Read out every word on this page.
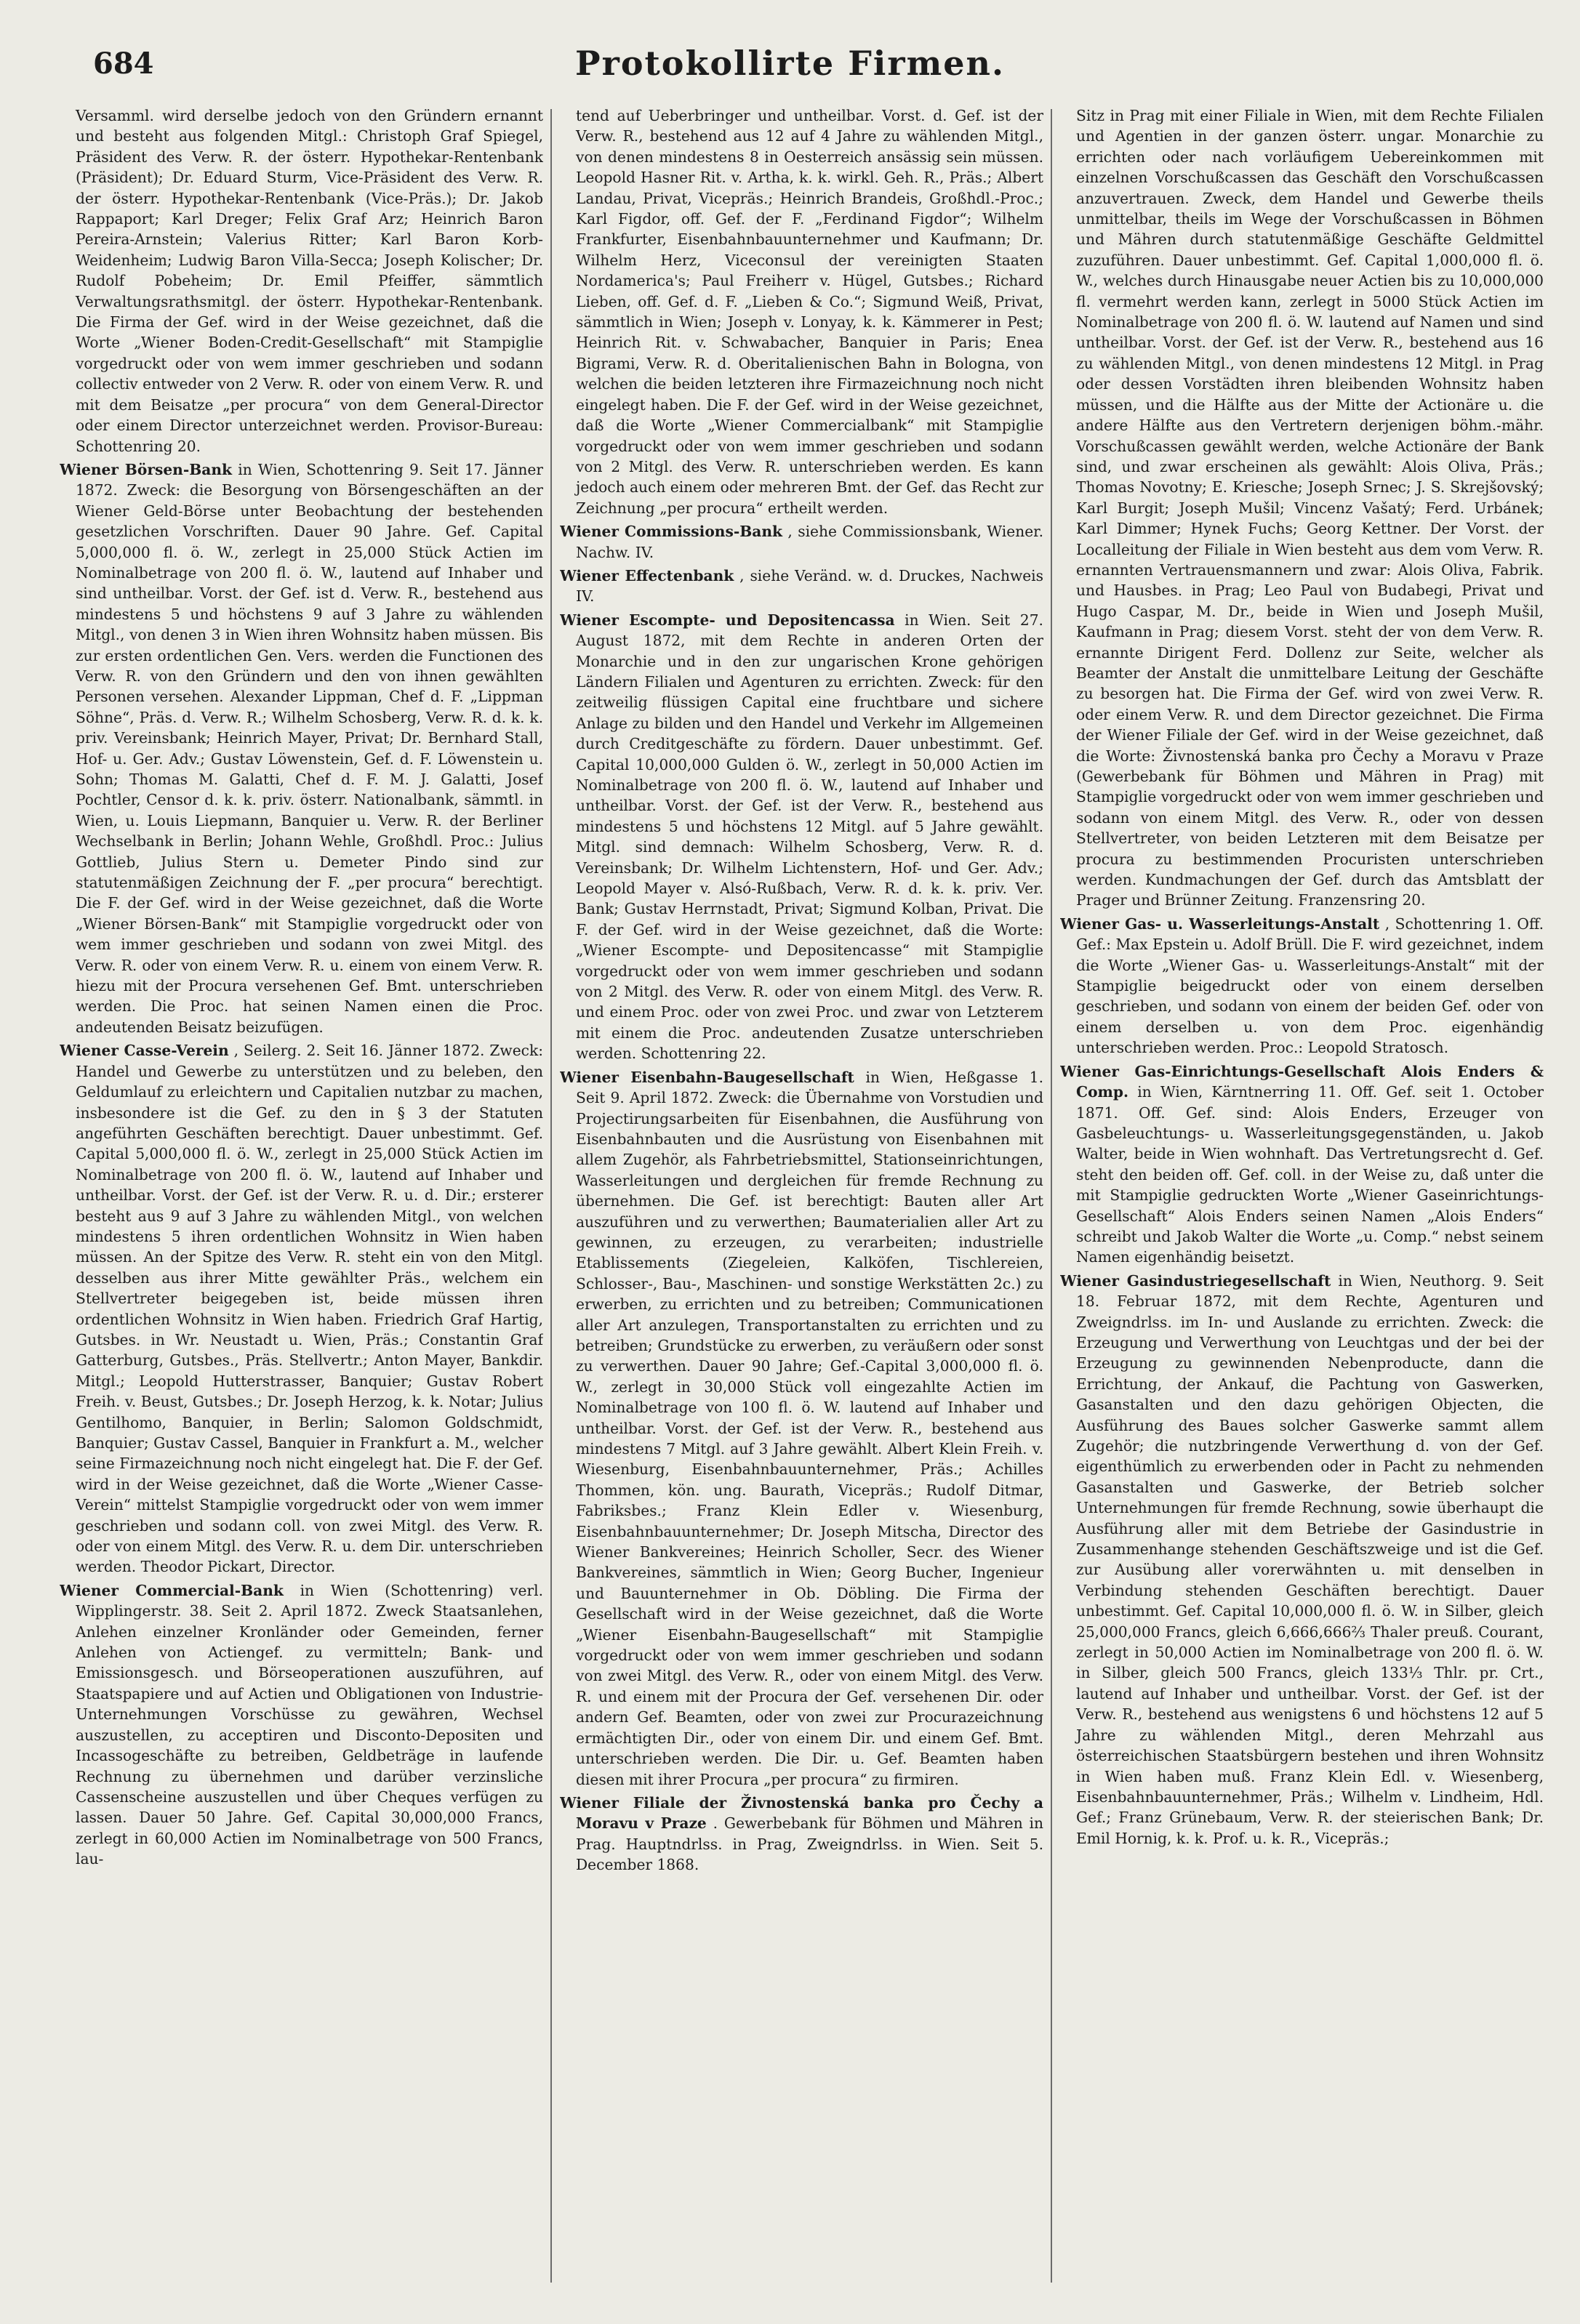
684	Protokollirte Firmen.

Versamml. wird derselbe jedoch von den Gründern ernannt und besteht aus folgenden Mitgl.: Christoph Graf Spiegel, Präsident des Verw. R. der österr. Hypothekar-Rentenbank (Präsident); Dr. Eduard Sturm, Vice-Präsident des Verw. R. der österr. Hypothekar-Rentenbank (Vice-Präs.); Dr. Jakob Rappaport; Karl Dreger; Felix Graf Arz; Heinrich Baron Pereira-Arnstein; Valerius Ritter; Karl Baron Korb-Weidenheim; Ludwig Baron Villa-Secca; Joseph Kolischer; Dr. Rudolf Pobeheim; Dr. Emil Pfeiffer, sämmtlich Verwaltungsrathsmitgl. der österr. Hypothekar-Rentenbank. Die Firma der Gef. wird in der Weise gezeichnet, daß die Worte „Wiener Boden-Credit-Gesellschaft“ mit Stampiglie vorgedruckt oder von wem immer geschrieben und sodann collectiv entweder von 2 Verw. R. oder von einem Verw. R. und mit dem Beisatze „per procura“ von dem General-Director oder einem Director unterzeichnet werden. Provisor-Bureau: Schottenring 20.

Wiener Börsen-Bank in Wien, Schottenring 9. Seit 17. Jänner 1872. Zweck: die Besorgung von Börsengeschäften an der Wiener Geld-Börse unter Beobachtung der bestehenden gesetzlichen Vorschriften. Dauer 90 Jahre. Gef. Capital 5,000,000 fl. ö. W., zerlegt in 25,000 Stück Actien im Nominalbetrage von 200 fl. ö. W., lautend auf Inhaber und sind untheilbar. Vorst. der Gef. ist d. Verw. R., bestehend aus mindestens 5 und höchstens 9 auf 3 Jahre zu wählenden Mitgl., von denen 3 in Wien ihren Wohnsitz haben müssen. Bis zur ersten ordentlichen Gen. Vers. werden die Functionen des Verw. R. von den Gründern und den von ihnen gewählten Personen versehen. Alexander Lippman, Chef d. F. „Lippman Söhne“, Präs. d. Verw. R.; Wilhelm Schosberg, Verw. R. d. k. k. priv. Vereinsbank; Heinrich Mayer, Privat; Dr. Bernhard Stall, Hof- u. Ger. Adv.; Gustav Löwenstein, Gef. d. F. Löwenstein u. Sohn; Thomas M. Galatti, Chef d. F. M. J. Galatti, Josef Pochtler, Censor d. k. k. priv. österr. Nationalbank, sämmtl. in Wien, u. Louis Liepmann, Banquier u. Verw. R. der Berliner Wechselbank in Berlin; Johann Wehle, Großhdl. Proc.: Julius Gottlieb, Julius Stern u. Demeter Pindo sind zur statutenmäßigen Zeichnung der F. „per procura“ berechtigt. Die F. der Gef. wird in der Weise gezeichnet, daß die Worte „Wiener Börsen-Bank“ mit Stampiglie vorgedruckt oder von wem immer geschrieben und sodann von zwei Mitgl. des Verw. R. oder von einem Verw. R. u. einem von einem Verw. R. hiezu mit der Procura versehenen Gef. Bmt. unterschrieben werden. Die Proc. hat seinen Namen einen die Proc. andeutenden Beisatz beizufügen.

Wiener Casse-Verein , Seilerg. 2. Seit 16. Jänner 1872. Zweck: Handel und Gewerbe zu unterstützen und zu beleben, den Geldumlauf zu erleichtern und Capitalien nutzbar zu machen, insbesondere ist die Gef. zu den in § 3 der Statuten angeführten Geschäften berechtigt. Dauer unbestimmt. Gef. Capital 5,000,000 fl. ö. W., zerlegt in 25,000 Stück Actien im Nominalbetrage von 200 fl. ö. W., lautend auf Inhaber und untheilbar. Vorst. der Gef. ist der Verw. R. u. d. Dir.; ersterer besteht aus 9 auf 3 Jahre zu wählenden Mitgl., von welchen mindestens 5 ihren ordentlichen Wohnsitz in Wien haben müssen. An der Spitze des Verw. R. steht ein von den Mitgl. desselben aus ihrer Mitte gewählter Präs., welchem ein Stellvertreter beigegeben ist, beide müssen ihren ordentlichen Wohnsitz in Wien haben. Friedrich Graf Hartig, Gutsbes. in Wr. Neustadt u. Wien, Präs.; Constantin Graf Gatterburg, Gutsbes., Präs. Stellvertr.; Anton Mayer, Bankdir. Mitgl.; Leopold Hutterstrasser, Banquier; Gustav Robert Freih. v. Beust, Gutsbes.; Dr. Joseph Herzog, k. k. Notar; Julius Gentilhomo, Banquier, in Berlin; Salomon Goldschmidt, Banquier; Gustav Cassel, Banquier in Frankfurt a. M., welcher seine Firmazeichnung noch nicht eingelegt hat. Die F. der Gef. wird in der Weise gezeichnet, daß die Worte „Wiener Casse-Verein“ mittelst Stampiglie vorgedruckt oder von wem immer geschrieben und sodann coll. von zwei Mitgl. des Verw. R. oder von einem Mitgl. des Verw. R. u. dem Dir. unterschrieben werden. Theodor Pickart, Director.

Wiener Commercial-Bank in Wien (Schottenring) verl. Wipplingerstr. 38. Seit 2. April 1872. Zweck Staatsanlehen, Anlehen einzelner Kronländer oder Gemeinden, ferner Anlehen von Actiengef. zu vermitteln; Bank- und Emissionsgesch. und Börseoperationen auszuführen, auf Staatspapiere und auf Actien und Obligationen von Industrie-Unternehmungen Vorschüsse zu gewähren, Wechsel auszustellen, zu acceptiren und Disconto-Depositen und Incassogeschäfte zu betreiben, Geldbeträge in laufende Rechnung zu übernehmen und darüber verzinsliche Cassenscheine auszustellen und über Cheques verfügen zu lassen. Dauer 50 Jahre. Gef. Capital 30,000,000 Francs, zerlegt in 60,000 Actien im Nominalbetrage von 500 Francs, lau-

tend auf Ueberbringer und untheilbar. Vorst. d. Gef. ist der Verw. R., bestehend aus 12 auf 4 Jahre zu wählenden Mitgl., von denen mindestens 8 in Oesterreich ansässig sein müssen. Leopold Hasner Rit. v. Artha, k. k. wirkl. Geh. R., Präs.; Albert Landau, Privat, Vicepräs.; Heinrich Brandeis, Großhdl.-Proc.; Karl Figdor, off. Gef. der F. „Ferdinand Figdor“; Wilhelm Frankfurter, Eisenbahnbauunternehmer und Kaufmann; Dr. Wilhelm Herz, Viceconsul der vereinigten Staaten Nordamerica's; Paul Freiherr v. Hügel, Gutsbes.; Richard Lieben, off. Gef. d. F. „Lieben & Co.“; Sigmund Weiß, Privat, sämmtlich in Wien; Joseph v. Lonyay, k. k. Kämmerer in Pest; Heinrich Rit. v. Schwabacher, Banquier in Paris; Enea Bigrami, Verw. R. d. Oberitalienischen Bahn in Bologna, von welchen die beiden letzteren ihre Firmazeichnung noch nicht eingelegt haben. Die F. der Gef. wird in der Weise gezeichnet, daß die Worte „Wiener Commercialbank“ mit Stampiglie vorgedruckt oder von wem immer geschrieben und sodann von 2 Mitgl. des Verw. R. unterschrieben werden. Es kann jedoch auch einem oder mehreren Bmt. der Gef. das Recht zur Zeichnung „per procura“ ertheilt werden.

Wiener Commissions-Bank , siehe Commissionsbank, Wiener. Nachw. IV.

Wiener Effectenbank , siehe Veränd. w. d. Druckes, Nachweis IV.

Wiener Escompte- und Depositencassa in Wien. Seit 27. August 1872, mit dem Rechte in anderen Orten der Monarchie und in den zur ungarischen Krone gehörigen Ländern Filialen und Agenturen zu errichten. Zweck: für den zeitweilig flüssigen Capital eine fruchtbare und sichere Anlage zu bilden und den Handel und Verkehr im Allgemeinen durch Creditgeschäfte zu fördern. Dauer unbestimmt. Gef. Capital 10,000,000 Gulden ö. W., zerlegt in 50,000 Actien im Nominalbetrage von 200 fl. ö. W., lautend auf Inhaber und untheilbar. Vorst. der Gef. ist der Verw. R., bestehend aus mindestens 5 und höchstens 12 Mitgl. auf 5 Jahre gewählt. Mitgl. sind demnach: Wilhelm Schosberg, Verw. R. d. Vereinsbank; Dr. Wilhelm Lichtenstern, Hof- und Ger. Adv.; Leopold Mayer v. Alsó-Rußbach, Verw. R. d. k. k. priv. Ver. Bank; Gustav Herrnstadt, Privat; Sigmund Kolban, Privat. Die F. der Gef. wird in der Weise gezeichnet, daß die Worte: „Wiener Escompte- und Depositencasse“ mit Stampiglie vorgedruckt oder von wem immer geschrieben und sodann von 2 Mitgl. des Verw. R. oder von einem Mitgl. des Verw. R. und einem Proc. oder von zwei Proc. und zwar von Letzterem mit einem die Proc. andeutenden Zusatze unterschrieben werden. Schottenring 22.

Wiener Eisenbahn-Baugesellschaft in Wien, Heßgasse 1. Seit 9. April 1872. Zweck: die Übernahme von Vorstudien und Projectirungsarbeiten für Eisenbahnen, die Ausführung von Eisenbahnbauten und die Ausrüstung von Eisenbahnen mit allem Zugehör, als Fahrbetriebsmittel, Stationseinrichtungen, Wasserleitungen und dergleichen für fremde Rechnung zu übernehmen. Die Gef. ist berechtigt: Bauten aller Art auszuführen und zu verwerthen; Baumaterialien aller Art zu gewinnen, zu erzeugen, zu verarbeiten; industrielle Etablissements (Ziegeleien, Kalköfen, Tischlereien, Schlosser-, Bau-, Maschinen- und sonstige Werkstätten 2c.) zu erwerben, zu errichten und zu betreiben; Communicationen aller Art anzulegen, Transportanstalten zu errichten und zu betreiben; Grundstücke zu erwerben, zu veräußern oder sonst zu verwerthen. Dauer 90 Jahre; Gef.-Capital 3,000,000 fl. ö. W., zerlegt in 30,000 Stück voll eingezahlte Actien im Nominalbetrage von 100 fl. ö. W. lautend auf Inhaber und untheilbar. Vorst. der Gef. ist der Verw. R., bestehend aus mindestens 7 Mitgl. auf 3 Jahre gewählt. Albert Klein Freih. v. Wiesenburg, Eisenbahnbauunternehmer, Präs.; Achilles Thommen, kön. ung. Baurath, Vicepräs.; Rudolf Ditmar, Fabriksbes.; Franz Klein Edler v. Wiesenburg, Eisenbahnbauunternehmer; Dr. Joseph Mitscha, Director des Wiener Bankvereines; Heinrich Scholler, Secr. des Wiener Bankvereines, sämmtlich in Wien; Georg Bucher, Ingenieur und Bauunternehmer in Ob. Döbling. Die Firma der Gesellschaft wird in der Weise gezeichnet, daß die Worte „Wiener Eisenbahn-Baugesellschaft“ mit Stampiglie vorgedruckt oder von wem immer geschrieben und sodann von zwei Mitgl. des Verw. R., oder von einem Mitgl. des Verw. R. und einem mit der Procura der Gef. versehenen Dir. oder andern Gef. Beamten, oder von zwei zur Procurazeichnung ermächtigten Dir., oder von einem Dir. und einem Gef. Bmt. unterschrieben werden. Die Dir. u. Gef. Beamten haben diesen mit ihrer Procura „per procura“ zu firmiren.

Wiener Filiale der Živnostenská banka pro Čechy a Moravu v Praze . Gewerbebank für Böhmen und Mähren in Prag. Hauptndrlss. in Prag, Zweigndrlss. in Wien. Seit 5. December 1868.

Sitz in Prag mit einer Filiale in Wien, mit dem Rechte Filialen und Agentien in der ganzen österr. ungar. Monarchie zu errichten oder nach vorläufigem Uebereinkommen mit einzelnen Vorschußcassen das Geschäft den Vorschußcassen anzuvertrauen. Zweck, dem Handel und Gewerbe theils unmittelbar, theils im Wege der Vorschußcassen in Böhmen und Mähren durch statutenmäßige Geschäfte Geldmittel zuzuführen. Dauer unbestimmt. Gef. Capital 1,000,000 fl. ö. W., welches durch Hinausgabe neuer Actien bis zu 10,000,000 fl. vermehrt werden kann, zerlegt in 5000 Stück Actien im Nominalbetrage von 200 fl. ö. W. lautend auf Namen und sind untheilbar. Vorst. der Gef. ist der Verw. R., bestehend aus 16 zu wählenden Mitgl., von denen mindestens 12 Mitgl. in Prag oder dessen Vorstädten ihren bleibenden Wohnsitz haben müssen, und die Hälfte aus der Mitte der Actionäre u. die andere Hälfte aus den Vertretern derjenigen böhm.-mähr. Vorschußcassen gewählt werden, welche Actionäre der Bank sind, und zwar erscheinen als gewählt: Alois Oliva, Präs.; Thomas Novotny; E. Kriesche; Joseph Srnec; J. S. Skrejšovský; Karl Burgit; Joseph Mušil; Vincenz Vašatý; Ferd. Urbánek; Karl Dimmer; Hynek Fuchs; Georg Kettner. Der Vorst. der Localleitung der Filiale in Wien besteht aus dem vom Verw. R. ernannten Vertrauensmannern und zwar: Alois Oliva, Fabrik. und Hausbes. in Prag; Leo Paul von Budabegi, Privat und Hugo Caspar, M. Dr., beide in Wien und Joseph Mušil, Kaufmann in Prag; diesem Vorst. steht der von dem Verw. R. ernannte Dirigent Ferd. Dollenz zur Seite, welcher als Beamter der Anstalt die unmittelbare Leitung der Geschäfte zu besorgen hat. Die Firma der Gef. wird von zwei Verw. R. oder einem Verw. R. und dem Director gezeichnet. Die Firma der Wiener Filiale der Gef. wird in der Weise gezeichnet, daß die Worte: Živnostenská banka pro Čechy a Moravu v Praze (Gewerbebank für Böhmen und Mähren in Prag) mit Stampiglie vorgedruckt oder von wem immer geschrieben und sodann von einem Mitgl. des Verw. R., oder von dessen Stellvertreter, von beiden Letzteren mit dem Beisatze per procura zu bestimmenden Procuristen unterschrieben werden. Kundmachungen der Gef. durch das Amtsblatt der Prager und Brünner Zeitung. Franzensring 20.

Wiener Gas- u. Wasserleitungs-Anstalt , Schottenring 1. Off. Gef.: Max Epstein u. Adolf Brüll. Die F. wird gezeichnet, indem die Worte „Wiener Gas- u. Wasserleitungs-Anstalt“ mit der Stampiglie beigedruckt oder von einem derselben geschrieben, und sodann von einem der beiden Gef. oder von einem derselben u. von dem Proc. eigenhändig unterschrieben werden. Proc.: Leopold Stratosch.

Wiener Gas-Einrichtungs-Gesellschaft Alois Enders & Comp. in Wien, Kärntnerring 11. Off. Gef. seit 1. October 1871. Off. Gef. sind: Alois Enders, Erzeuger von Gasbeleuchtungs- u. Wasserleitungsgegenständen, u. Jakob Walter, beide in Wien wohnhaft. Das Vertretungsrecht d. Gef. steht den beiden off. Gef. coll. in der Weise zu, daß unter die mit Stampiglie gedruckten Worte „Wiener Gaseinrichtungs-Gesellschaft“ Alois Enders seinen Namen „Alois Enders“ schreibt und Jakob Walter die Worte „u. Comp.“ nebst seinem Namen eigenhändig beisetzt.

Wiener Gasindustriegesellschaft in Wien, Neuthorg. 9. Seit 18. Februar 1872, mit dem Rechte, Agenturen und Zweigndrlss. im In- und Auslande zu errichten. Zweck: die Erzeugung und Verwerthung von Leuchtgas und der bei der Erzeugung zu gewinnenden Nebenproducte, dann die Errichtung, der Ankauf, die Pachtung von Gaswerken, Gasanstalten und den dazu gehörigen Objecten, die Ausführung des Baues solcher Gaswerke sammt allem Zugehör; die nutzbringende Verwerthung d. von der Gef. eigenthümlich zu erwerbenden oder in Pacht zu nehmenden Gasanstalten und Gaswerke, der Betrieb solcher Unternehmungen für fremde Rechnung, sowie überhaupt die Ausführung aller mit dem Betriebe der Gasindustrie in Zusammenhange stehenden Geschäftszweige und ist die Gef. zur Ausübung aller vorerwähnten u. mit denselben in Verbindung stehenden Geschäften berechtigt. Dauer unbestimmt. Gef. Capital 10,000,000 fl. ö. W. in Silber, gleich 25,000,000 Francs, gleich 6,666,666⅔ Thaler preuß. Courant, zerlegt in 50,000 Actien im Nominalbetrage von 200 fl. ö. W. in Silber, gleich 500 Francs, gleich 133⅓ Thlr. pr. Crt., lautend auf Inhaber und untheilbar. Vorst. der Gef. ist der Verw. R., bestehend aus wenigstens 6 und höchstens 12 auf 5 Jahre zu wählenden Mitgl., deren Mehrzahl aus österreichischen Staatsbürgern bestehen und ihren Wohnsitz in Wien haben muß. Franz Klein Edl. v. Wiesenberg, Eisenbahnbauunternehmer, Präs.; Wilhelm v. Lindheim, Hdl. Gef.; Franz Grünebaum, Verw. R. der steierischen Bank; Dr. Emil Hornig, k. k. Prof. u. k. R., Vicepräs.;
